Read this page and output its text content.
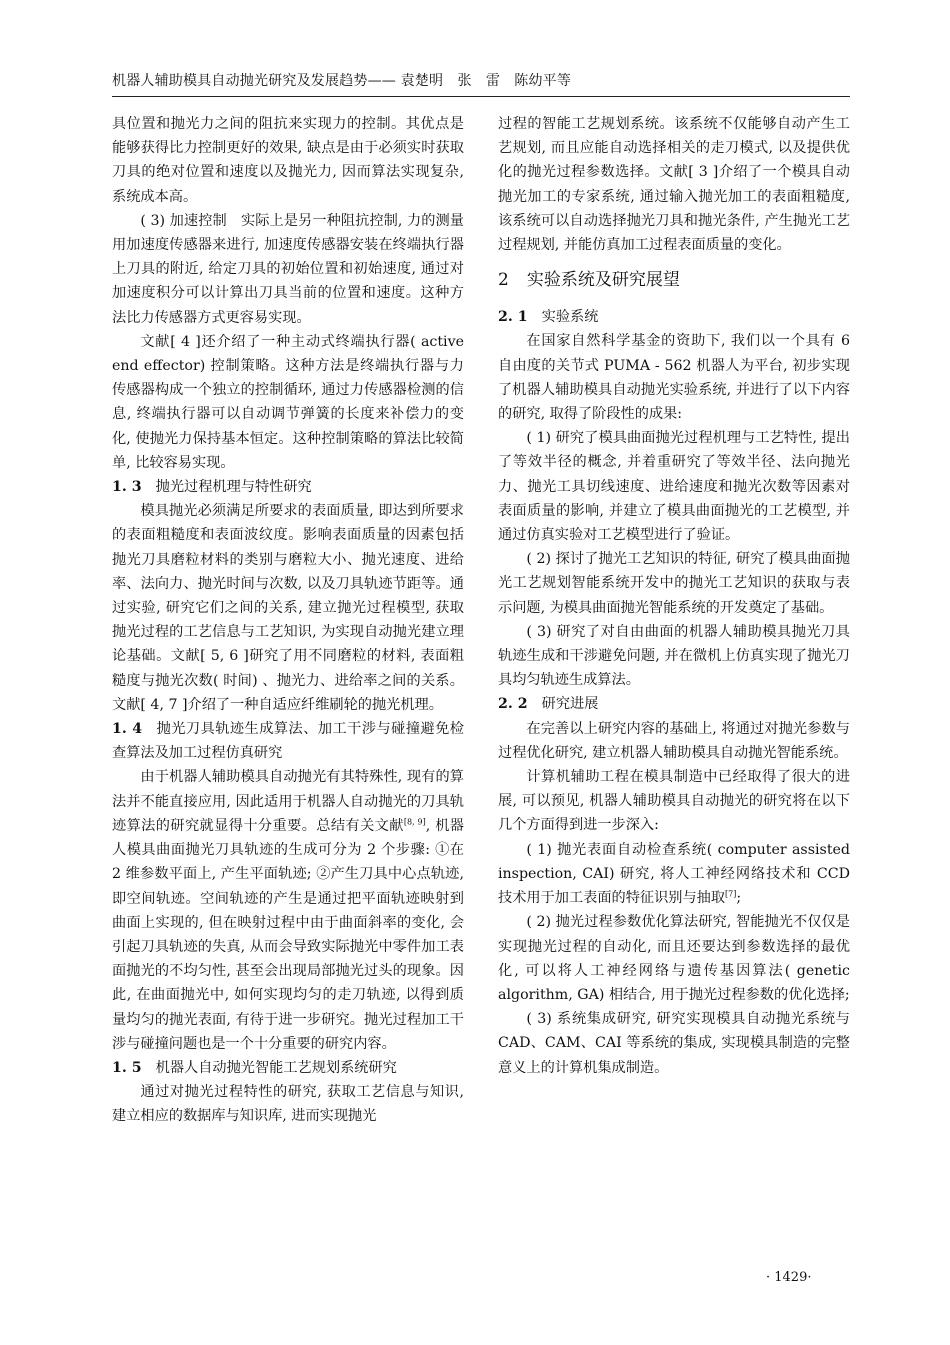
机器人辅助模具自动抛光研究及发展趋势—— 袁楚明　张　雷　陈幼平等

具位置和抛光力之间的阻抗来实现力的控制。其优点是能够获得比力控制更好的效果, 缺点是由于必须实时获取刀具的绝对位置和速度以及抛光力, 因而算法实现复杂, 系统成本高。

( 3) 加速控制　实际上是另一种阻抗控制, 力的测量用加速度传感器来进行, 加速度传感器安装在终端执行器上刀具的附近, 给定刀具的初始位置和初始速度, 通过对加速度积分可以计算出刀具当前的位置和速度。这种方法比力传感器方式更容易实现。

文献[ 4 ]还介绍了一种主动式终端执行器( active end effector) 控制策略。这种方法是终端执行器与力传感器构成一个独立的控制循环, 通过力传感器检测的信息, 终端执行器可以自动调节弹簧的长度来补偿力的变化, 使抛光力保持基本恒定。这种控制策略的算法比较简单, 比较容易实现。

1. 3 抛光过程机理与特性研究

模具抛光必须满足所要求的表面质量, 即达到所要求的表面粗糙度和表面波纹度。影响表面质量的因素包括抛光刀具磨粒材料的类别与磨粒大小、抛光速度、进给率、法向力、抛光时间与次数, 以及刀具轨迹节距等。通过实验, 研究它们之间的关系, 建立抛光过程模型, 获取抛光过程的工艺信息与工艺知识, 为实现自动抛光建立理论基础。文献[ 5, 6 ]研究了用不同磨粒的材料, 表面粗糙度与抛光次数( 时间) 、抛光力、进给率之间的关系。文献[ 4, 7 ]介绍了一种自适应纤维刷轮的抛光机理。

1. 4 抛光刀具轨迹生成算法、加工干涉与碰撞避免检查算法及加工过程仿真研究

由于机器人辅助模具自动抛光有其特殊性, 现有的算法并不能直接应用, 因此适用于机器人自动抛光的刀具轨迹算法的研究就显得十分重要。总结有关文献[8, 9], 机器人模具曲面抛光刀具轨迹的生成可分为 2 个步骤: ①在 2 维参数平面上, 产生平面轨迹; ②产生刀具中心点轨迹, 即空间轨迹。空间轨迹的产生是通过把平面轨迹映射到曲面上实现的, 但在映射过程中由于曲面斜率的变化, 会引起刀具轨迹的失真, 从而会导致实际抛光中零件加工表面抛光的不均匀性, 甚至会出现局部抛光过头的现象。因此, 在曲面抛光中, 如何实现均匀的走刀轨迹, 以得到质量均匀的抛光表面, 有待于进一步研究。抛光过程加工干涉与碰撞问题也是一个十分重要的研究内容。

1. 5 机器人自动抛光智能工艺规划系统研究

通过对抛光过程特性的研究, 获取工艺信息与知识, 建立相应的数据库与知识库, 进而实现抛光

过程的智能工艺规划系统。该系统不仅能够自动产生工艺规划, 而且应能自动选择相关的走刀模式, 以及提供优化的抛光过程参数选择。文献[ 3 ]介绍了一个模具自动抛光加工的专家系统, 通过输入抛光加工的表面粗糙度, 该系统可以自动选择抛光刀具和抛光条件, 产生抛光工艺过程规划, 并能仿真加工过程表面质量的变化。

2 实验系统及研究展望
2. 1 实验系统

在国家自然科学基金的资助下, 我们以一个具有 6 自由度的关节式 PUMA - 562 机器人为平台, 初步实现了机器人辅助模具自动抛光实验系统, 并进行了以下内容的研究, 取得了阶段性的成果:

( 1) 研究了模具曲面抛光过程机理与工艺特性, 提出了等效半径的概念, 并着重研究了等效半径、法向抛光力、抛光工具切线速度、进给速度和抛光次数等因素对表面质量的影响, 并建立了模具曲面抛光的工艺模型, 并通过仿真实验对工艺模型进行了验证。

( 2) 探讨了抛光工艺知识的特征, 研究了模具曲面抛光工艺规划智能系统开发中的抛光工艺知识的获取与表示问题, 为模具曲面抛光智能系统的开发奠定了基础。

( 3) 研究了对自由曲面的机器人辅助模具抛光刀具轨迹生成和干涉避免问题, 并在微机上仿真实现了抛光刀具均匀轨迹生成算法。

2. 2 研究进展

在完善以上研究内容的基础上, 将通过对抛光参数与过程优化研究, 建立机器人辅助模具自动抛光智能系统。

计算机辅助工程在模具制造中已经取得了很大的进展, 可以预见, 机器人辅助模具自动抛光的研究将在以下几个方面得到进一步深入:

( 1) 抛光表面自动检查系统( computer assisted inspection, CAI) 研究, 将人工神经网络技术和 CCD 技术用于加工表面的特征识别与抽取[7];

( 2) 抛光过程参数优化算法研究, 智能抛光不仅仅是实现抛光过程的自动化, 而且还要达到参数选择的最优化, 可以将人工神经网络与遗传基因算法( genetic algorithm, GA) 相结合, 用于抛光过程参数的优化选择;

( 3) 系统集成研究, 研究实现模具自动抛光系统与 CAD、CAM、CAI 等系统的集成, 实现模具制造的完整意义上的计算机集成制造。

· 1429·
